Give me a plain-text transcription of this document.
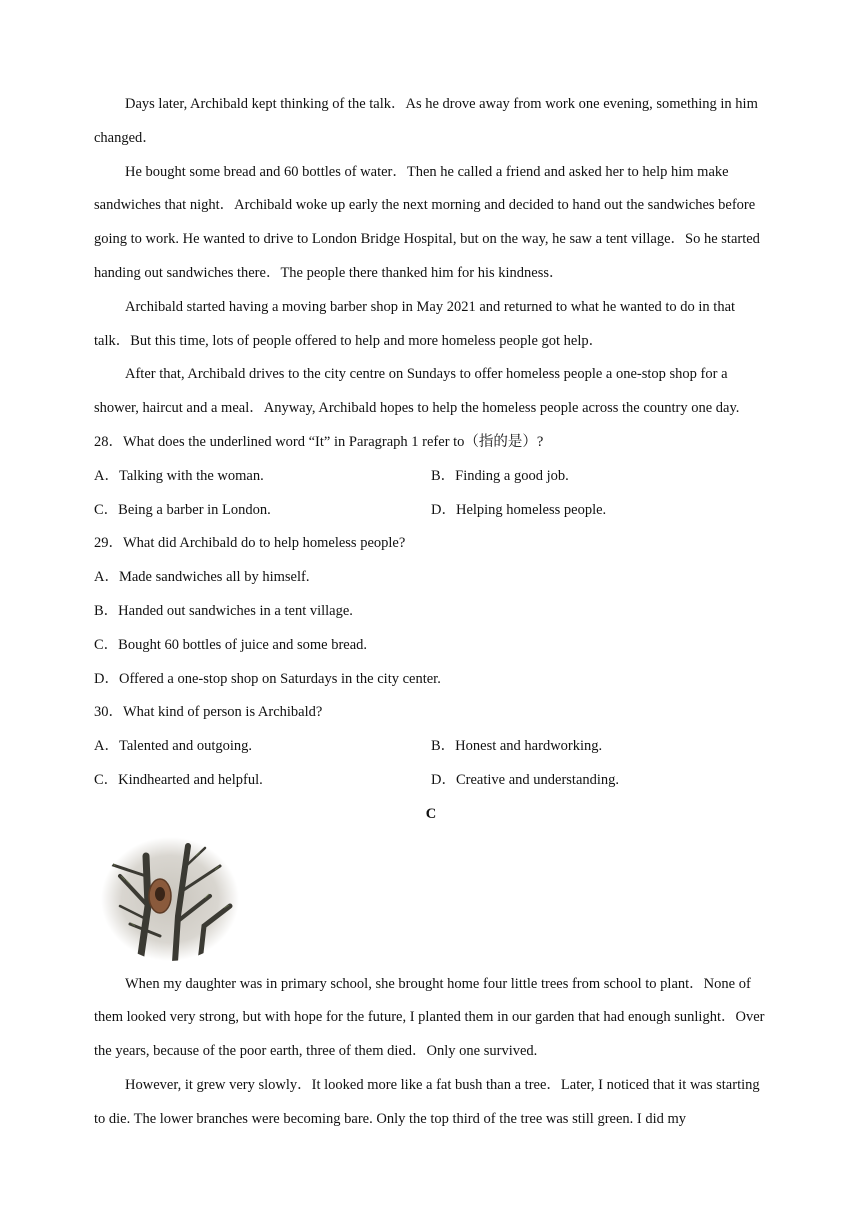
Days later, Archibald kept thinking of the talk．As he drove away from work one evening, something in him changed．

He bought some bread and 60 bottles of water．Then he called a friend and asked her to help him make sandwiches that night．Archibald woke up early the next morning and decided to hand out the sandwiches before going to work. He wanted to drive to London Bridge Hospital, but on the way, he saw a tent village．So he started handing out sandwiches there．The people there thanked him for his kindness．

Archibald started having a moving barber shop in May 2021 and returned to what he wanted to do in that talk．But this time, lots of people offered to help and more homeless people got help．

After that, Archibald drives to the city centre on Sundays to offer homeless people a one-stop shop for a shower, haircut and a meal．Anyway, Archibald hopes to help the homeless people across the country one day.

28．What does the underlined word “It” in Paragraph 1 refer to（指的是）?
A．Talking with the woman.	B．Finding a good job.
C．Being a barber in London.	D．Helping homeless people.
29．What did Archibald do to help homeless people?
A．Made sandwiches all by himself.
B．Handed out sandwiches in a tent village.
C．Bought 60 bottles of juice and some bread.
D．Offered a one-stop shop on Saturdays in the city center.
30．What kind of person is Archibald?
A．Talented and outgoing.	B．Honest and hardworking.
C．Kindhearted and helpful.	D．Creative and understanding.
C

When my daughter was in primary school, she brought home four little trees from school to plant．None of them looked very strong, but with hope for the future, I planted them in our garden that had enough sunlight．Over the years, because of the poor earth, three of them died．Only one survived.

However, it grew very slowly．It looked more like a fat bush than a tree．Later, I noticed that it was starting to die. The lower branches were becoming bare. Only the top third of the tree was still green. I did my
